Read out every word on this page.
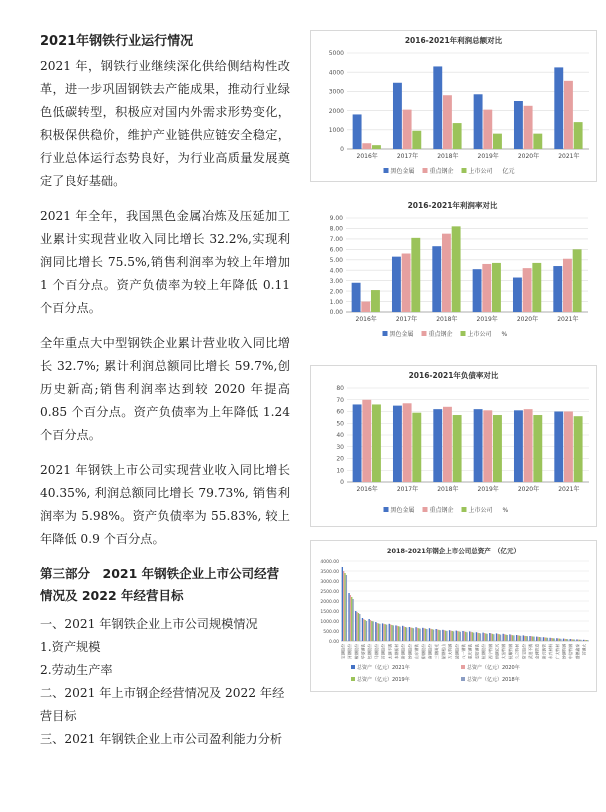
2021年钢铁行业运行情况

2021 年，钢铁行业继续深化供给侧结构性改革，进一步巩固钢铁去产能成果，推动行业绿色低碳转型，积极应对国内外需求形势变化，积极保供稳价，维护产业链供应链安全稳定，行业总体运行态势良好，为行业高质量发展奠定了良好基础。

2021 年全年，我国黑色金属冶炼及压延加工业累计实现营业收入同比增长 32.2%,实现利润同比增长 75.5%,销售利润率为较上年增加 1 个百分点。资产负债率为较上年降低 0.11 个百分点。

全年重点大中型钢铁企业累计营业收入同比增长 32.7%; 累计利润总额同比增长 59.7%,创历史新高;销售利润率达到较 2020 年提高 0.85 个百分点。资产负债率为上年降低 1.24 个百分点。

2021 年钢铁上市公司实现营业收入同比增长 40.35%, 利润总额同比增长 79.73%, 销售利润率为 5.98%。资产负债率为 55.83%, 较上年降低 0.9 个百分点。

第三部分　2021 年钢铁企业上市公司经营情况及 2022 年经营目标

一、2021 年钢铁企业上市公司规模情况

1.资产规模

2.劳动生产率

二、2021 年上市钢企经营情况及 2022 年经营目标

三、2021 年钢铁企业上市公司盈利能力分析

2016-2021年利润总额对比
0
1000
2000
3000
4000
5000
2016年	2017年	2018年	2019年	2020年	2021年
黑色金属 重点钢企 上市公司 亿元
2016-2021年利润率对比
0.00
1.00
2.00
3.00
4.00
5.00
6.00
7.00
8.00
9.00
2016年	2017年	2018年	2019年	2020年	2021年
黑色金属 重点钢企 上市公司 %
2016-2021年负债率对比
0
10
20
30
40
50
60
70
80
2016年	2017年	2018年	2019年	2020年	2021年
黑色金属 重点钢企 上市公司 %
2018-2021年钢企上市公司总资产　（亿元）
0.00
500.00
1000.00
1500.00
2000.00
2500.00
3000.00
3500.00
4000.00
宝钢股份 河钢股份 鞍钢股份 华菱钢铁 包钢股份 马钢股份 首钢股份 太钢不锈 本钢板材 新钢股份 沙钢股份 山东钢铁 柳钢股份 南钢股份 三钢闽光 韶钢松山 方大特钢 凌钢股份 八一钢铁 重庆钢铁 安阳钢铁 杭钢股份 西宁特钢 酒钢宏兴 大冶特钢 抚顺特钢 久立特材 常宝股份 武进不锈 金洲管道 新兴铸管 永兴材料 广大特材 沙钢特钢 中信特钢 盛德鑫泰 首钢大
总资产（亿元）2021年	总资产（亿元）2020年
总资产（亿元）2019年	总资产（亿元）2018年
